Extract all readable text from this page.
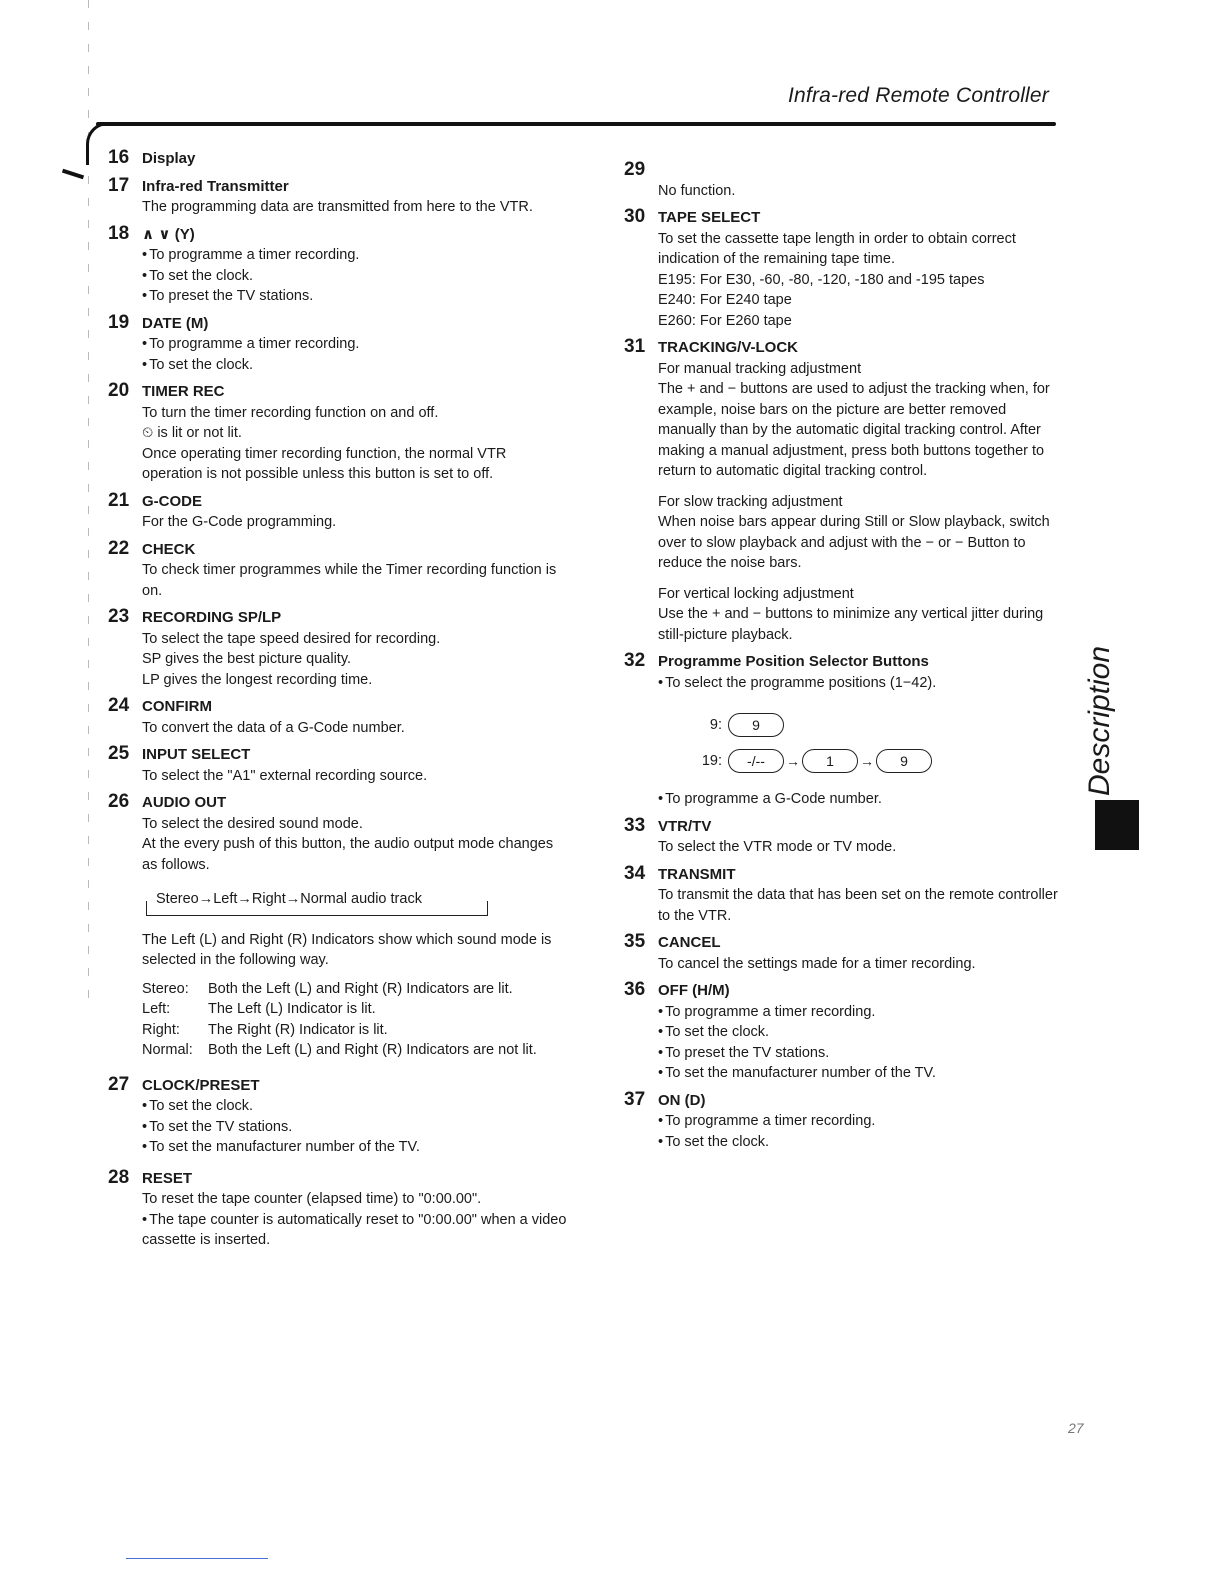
Infra-red Remote Controller
16 Display
17 Infra-red Transmitter

The programming data are transmitted from here to the VTR.

18 ∧ ∨ (Y)

• To programme a timer recording.

• To set the clock.

• To preset the TV stations.

19 DATE (M)

• To programme a timer recording.

• To set the clock.

20 TIMER REC

To turn the timer recording function on and off.

⏲ is lit or not lit.

Once operating timer recording function, the normal VTR operation is not possible unless this button is set to off.

21 G-CODE

For the G-Code programming.

22 CHECK

To check timer programmes while the Timer recording function is on.

23 RECORDING SP/LP

To select the tape speed desired for recording.

SP gives the best picture quality.

LP gives the longest recording time.

24 CONFIRM

To convert the data of a G-Code number.

25 INPUT SELECT

To select the "A1" external recording source.

26 AUDIO OUT

To select the desired sound mode.

At the every push of this button, the audio output mode changes as follows.

Stereo→Left→Right→Normal audio track

The Left (L) and Right (R) Indicators show which sound mode is selected in the following way.

Stereo:	Both the Left (L) and Right (R) Indicators are lit.
Left:	The Left (L) Indicator is lit.
Right:	The Right (R) Indicator is lit.
Normal:	Both the Left (L) and Right (R) Indicators are not lit.
27 CLOCK/PRESET

• To set the clock.

• To set the TV stations.

• To set the manufacturer number of the TV.

28 RESET

To reset the tape counter (elapsed time) to "0:00.00".

• The tape counter is automatically reset to "0:00.00" when a video cassette is inserted.

29

No function.

30 TAPE SELECT

To set the cassette tape length in order to obtain correct indication of the remaining tape time.

E195: For E30, -60, -80, -120, -180 and -195 tapes

E240: For E240 tape

E260: For E260 tape

31 TRACKING/V-LOCK

For manual tracking adjustment

The + and − buttons are used to adjust the tracking when, for example, noise bars on the picture are better removed manually than by the automatic digital tracking control. After making a manual adjustment, press both buttons together to return to automatic digital tracking control.

For slow tracking adjustment

When noise bars appear during Still or Slow playback, switch over to slow playback and adjust with the − or − Button to reduce the noise bars.

For vertical locking adjustment

Use the + and − buttons to minimize any vertical jitter during still-picture playback.

32 Programme Position Selector Buttons

• To select the programme positions (1−42).

9:	9
19:	-/--	→	1	→	9

• To programme a G-Code number.

33 VTR/TV

To select the VTR mode or TV mode.

34 TRANSMIT

To transmit the data that has been set on the remote controller to the VTR.

35 CANCEL

To cancel the settings made for a timer recording.

36 OFF (H/M)

• To programme a timer recording.

• To set the clock.

• To preset the TV stations.

• To set the manufacturer number of the TV.

37 ON (D)

• To programme a timer recording.

• To set the clock.

Description
27
